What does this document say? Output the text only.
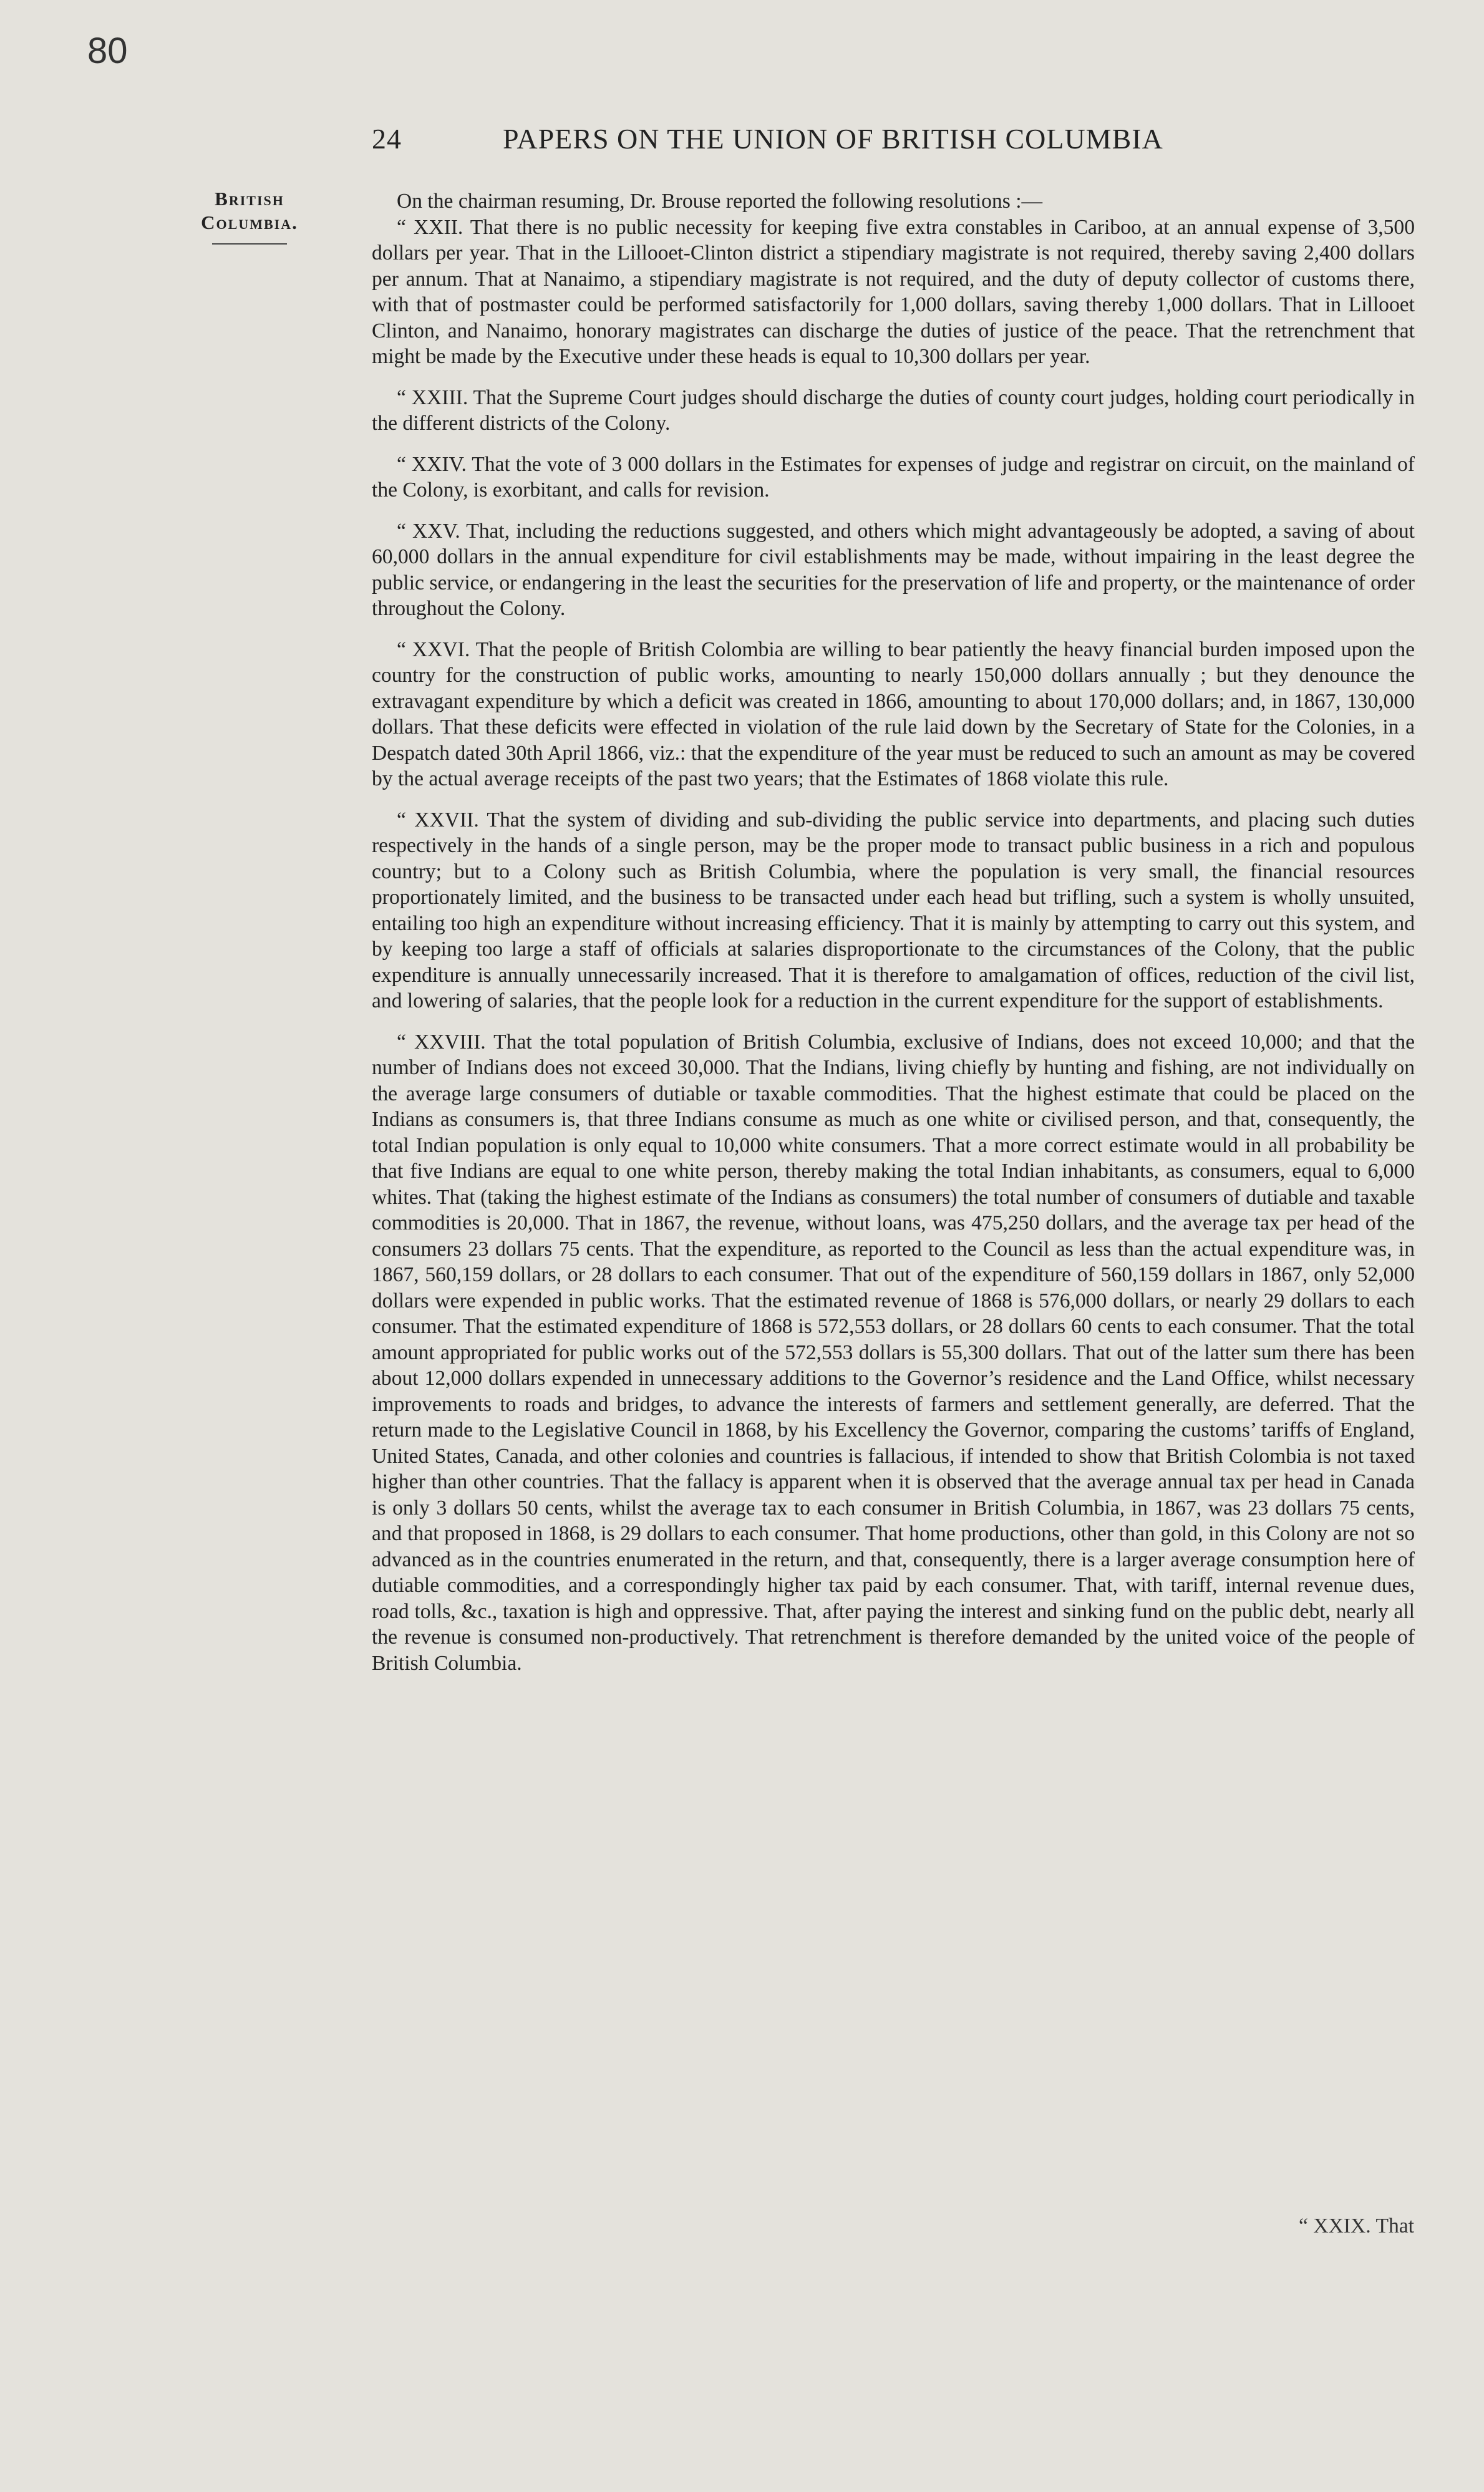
80
24	PAPERS ON THE UNION OF BRITISH COLUMBIA
British
Columbia.

On the chairman resuming, Dr. Brouse reported the following resolutions :—

“ XXII. That there is no public necessity for keeping five extra constables in Cariboo, at an annual expense of 3,500 dollars per year. That in the Lillooet-Clinton district a stipendiary magistrate is not required, thereby saving 2,400 dollars per annum. That at Nanaimo, a stipendiary magistrate is not required, and the duty of deputy collector of customs there, with that of postmaster could be performed satisfactorily for 1,000 dollars, saving thereby 1,000 dollars. That in Lillooet Clinton, and Nanaimo, honorary magistrates can discharge the duties of justice of the peace. That the retrenchment that might be made by the Executive under these heads is equal to 10,300 dollars per year.

“ XXIII. That the Supreme Court judges should discharge the duties of county court judges, holding court periodically in the different districts of the Colony.

“ XXIV. That the vote of 3 000 dollars in the Estimates for expenses of judge and registrar on circuit, on the mainland of the Colony, is exorbitant, and calls for revision.

“ XXV. That, including the reductions suggested, and others which might advantageously be adopted, a saving of about 60,000 dollars in the annual expenditure for civil establishments may be made, without impairing in the least degree the public service, or endangering in the least the securities for the preservation of life and property, or the maintenance of order throughout the Colony.

“ XXVI. That the people of British Colombia are willing to bear patiently the heavy financial burden imposed upon the country for the construction of public works, amounting to nearly 150,000 dollars annually ; but they denounce the extravagant expenditure by which a deficit was created in 1866, amounting to about 170,000 dollars; and, in 1867, 130,000 dollars. That these deficits were effected in violation of the rule laid down by the Secretary of State for the Colonies, in a Despatch dated 30th April 1866, viz.: that the expenditure of the year must be reduced to such an amount as may be covered by the actual average receipts of the past two years; that the Estimates of 1868 violate this rule.

“ XXVII. That the system of dividing and sub-dividing the public service into departments, and placing such duties respectively in the hands of a single person, may be the proper mode to transact public business in a rich and populous country; but to a Colony such as British Columbia, where the population is very small, the financial resources proportionately limited, and the business to be transacted under each head but trifling, such a system is wholly unsuited, entailing too high an expenditure without increasing efficiency. That it is mainly by attempting to carry out this system, and by keeping too large a staff of officials at salaries disproportionate to the circumstances of the Colony, that the public expenditure is annually unnecessarily increased. That it is therefore to amalgamation of offices, reduction of the civil list, and lowering of salaries, that the people look for a reduction in the current expenditure for the support of establishments.

“ XXVIII. That the total population of British Columbia, exclusive of Indians, does not exceed 10,000; and that the number of Indians does not exceed 30,000. That the Indians, living chiefly by hunting and fishing, are not individually on the average large consumers of dutiable or taxable commodities. That the highest estimate that could be placed on the Indians as consumers is, that three Indians consume as much as one white or civilised person, and that, consequently, the total Indian population is only equal to 10,000 white consumers. That a more correct estimate would in all probability be that five Indians are equal to one white person, thereby making the total Indian inhabitants, as consumers, equal to 6,000 whites. That (taking the highest estimate of the Indians as consumers) the total number of consumers of dutiable and taxable commodities is 20,000. That in 1867, the revenue, without loans, was 475,250 dollars, and the average tax per head of the consumers 23 dollars 75 cents. That the expenditure, as reported to the Council as less than the actual expenditure was, in 1867, 560,159 dollars, or 28 dollars to each consumer. That out of the expenditure of 560,159 dollars in 1867, only 52,000 dollars were expended in public works. That the estimated revenue of 1868 is 576,000 dollars, or nearly 29 dollars to each consumer. That the estimated expenditure of 1868 is 572,553 dollars, or 28 dollars 60 cents to each consumer. That the total amount appropriated for public works out of the 572,553 dollars is 55,300 dollars. That out of the latter sum there has been about 12,000 dollars expended in unnecessary additions to the Governor’s residence and the Land Office, whilst necessary improvements to roads and bridges, to advance the interests of farmers and settlement generally, are deferred. That the return made to the Legislative Council in 1868, by his Excellency the Governor, comparing the customs’ tariffs of England, United States, Canada, and other colonies and countries is fallacious, if intended to show that British Colombia is not taxed higher than other countries. That the fallacy is apparent when it is observed that the average annual tax per head in Canada is only 3 dollars 50 cents, whilst the average tax to each consumer in British Columbia, in 1867, was 23 dollars 75 cents, and that proposed in 1868, is 29 dollars to each consumer. That home productions, other than gold, in this Colony are not so advanced as in the countries enumerated in the return, and that, consequently, there is a larger average consumption here of dutiable commodities, and a correspondingly higher tax paid by each consumer. That, with tariff, internal revenue dues, road tolls, &c., taxation is high and oppressive. That, after paying the interest and sinking fund on the public debt, nearly all the revenue is consumed non-productively. That retrenchment is therefore demanded by the united voice of the people of British Columbia.

“ XXIX. That
